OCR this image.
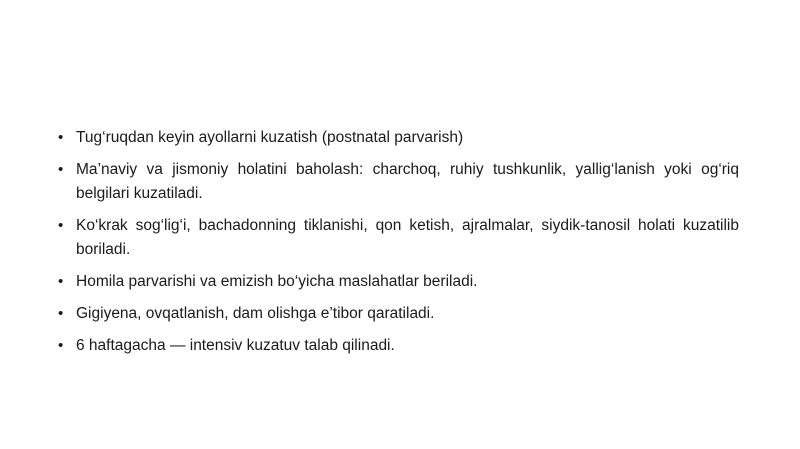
• Tug‘ruqdan keyin ayollarni kuzatish (postnatal parvarish)
• Ma’naviy va jismoniy holatini baholash: charchoq, ruhiy tushkunlik, yallig‘lanish yoki og‘riq belgilari kuzatiladi.
• Ko‘krak sog‘lig‘i, bachadonning tiklanishi, qon ketish, ajralmalar, siydik-tanosil holati kuzatilib boriladi.
• Homila parvarishi va emizish bo‘yicha maslahatlar beriladi.
• Gigiyena, ovqatlanish, dam olishga e’tibor qaratiladi.
• 6 haftagacha — intensiv kuzatuv talab qilinadi.
